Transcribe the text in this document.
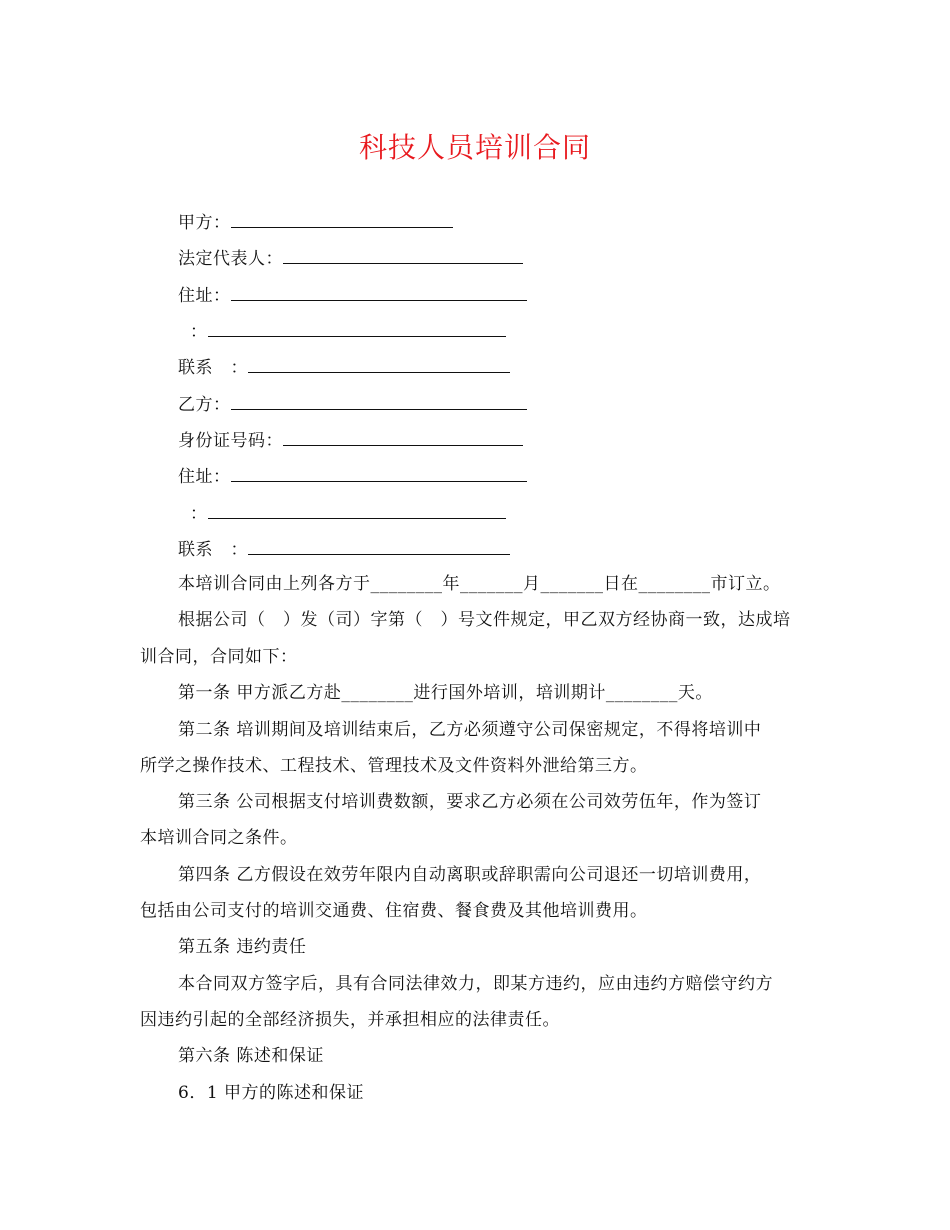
科技人员培训合同
甲方：
法定代表人：
住址：
：
联系　：
乙方：
身份证号码：
住址：
：
联系　：
本培训合同由上列各方于________年_______月_______日在________市订立。
根据公司（　）发（司）字第（　）号文件规定，甲乙双方经协商一致，达成培
训合同，合同如下：
第一条 甲方派乙方赴________进行国外培训，培训期计________天。
第二条 培训期间及培训结束后，乙方必须遵守公司保密规定，不得将培训中
所学之操作技术、工程技术、管理技术及文件资料外泄给第三方。
第三条 公司根据支付培训费数额，要求乙方必须在公司效劳伍年，作为签订
本培训合同之条件。
第四条 乙方假设在效劳年限内自动离职或辞职需向公司退还一切培训费用，
包括由公司支付的培训交通费、住宿费、餐食费及其他培训费用。
第五条 违约责任
本合同双方签字后，具有合同法律效力，即某方违约，应由违约方赔偿守约方
因违约引起的全部经济损失，并承担相应的法律责任。
第六条 陈述和保证
6．1 甲方的陈述和保证
